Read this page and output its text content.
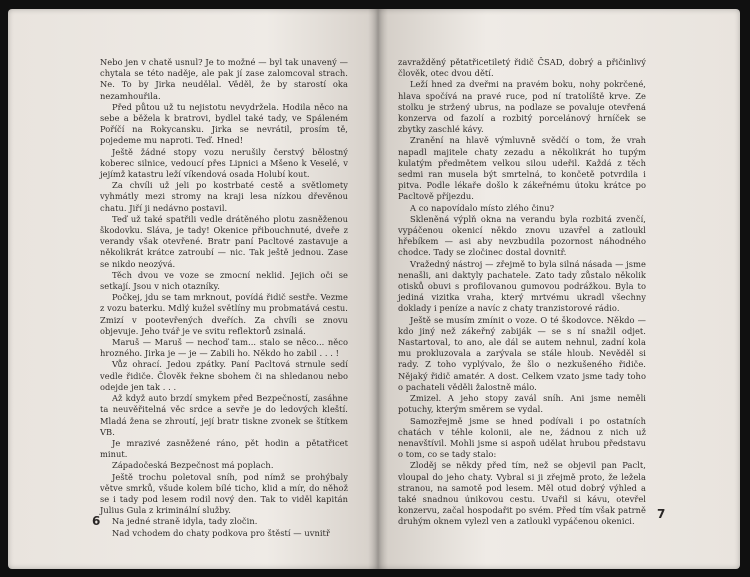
Nebo jen v chatě usnul? Je to možné — byl tak unavený — chytala se této naděje, ale pak jí zase zalomcoval strach. Ne. To by Jirka neudělal. Věděl, že by starostí oka nezamhouřila.

Před půtou už tu nejistotu nevydržela. Hodila něco na sebe a běžela k bratrovi, bydlel také tady, ve Spáleném Poříčí na Rokycansku. Jirka se nevrátil, prosím tě, pojedeme mu naproti. Teď. Hned!

Ještě žádné stopy vozu nerušily čerstvý bělostný koberec silnice, vedoucí přes Lipnici a Mšeno k Veselé, v jejímž katastru leží víkendová osada Holubí kout.

Za chvíli už jeli po kostrbaté cestě a světlomety vyhmátly mezi stromy na kraji lesa nízkou dřevěnou chatu. Jiří ji nedávno postavil.

Teď už také spatřili vedle drátěného plotu zasněženou škodovku. Sláva, je tady! Okenice přibouchnuté, dveře z verandy však otevřené. Bratr paní Pacltové zastavuje a několikrát krátce zatroubí — nic. Tak ještě jednou. Zase se nikdo neozývá.

Těch dvou ve voze se zmocní neklid. Jejich oči se setkají. Jsou v nich otazníky.

Počkej, jdu se tam mrknout, povídá řidič sestře. Vezme z vozu baterku. Mdlý kužel světlíny mu probmatává cestu. Zmizí v pootevřených dveřích. Za chvíli se znovu objevuje. Jeho tvář je ve svitu reflektorů zsinalá.

Maruš — Maruš — nechoď tam... stalo se něco... něco hrozného. Jirka je — je — Zabili ho. Někdo ho zabil . . . !

Vůz ohrací. Jedou zpátky. Paní Pacltová strnule sedí vedle řidiče. Člověk řekne sbohem či na shledanou nebo odejde jen tak . . .

Až když auto brzdí smykem před Bezpečností, zasáhne ta neuvěřitelná věc srdce a sevře je do ledových kleští. Mladá žena se zhroutí, její bratr tiskne zvonek se štítkem VB.

Je mrazivé zasněžené ráno, pět hodin a pětatřicet minut.

Západočeská Bezpečnost má poplach.

Ještě trochu poletoval sníh, pod nímž se prohýbaly větve smrků, všude kolem bílé ticho, klid a mír, do něhož se i tady pod lesem rodil nový den. Tak to viděl kapitán Julius Gula z kriminální služby.

Na jedné straně idyla, tady zločin.

Nad vchodem do chaty podkova pro štěstí — uvnitř

6

zavražděný pětatřicetiletý řidič ČSAD, dobrý a přičinlivý člověk, otec dvou dětí.

Leží hned za dveřmi na pravém boku, nohy pokrčené, hlava spočívá na pravé ruce, pod ní tratolíště krve. Ze stolku je stržený ubrus, na podlaze se povaluje otevřená konzerva od fazolí a rozbitý porcelánový hrníček se zbytky zaschlé kávy.

Zranění na hlavě výmluvně svědčí o tom, že vrah napadl majitele chaty zezadu a několikrát ho tupým kulatým předmětem velkou silou udeřil. Každá z těch sedmi ran musela být smrtelná, to končetě potvrdila i pitva. Podle lékaře došlo k zákeřnému útoku krátce po Pacltově příjezdu.

A co napovídalo místo zlého činu?

Skleněná výplň okna na verandu byla rozbitá zvenčí, vypáčenou okenicí někdo znovu uzavřel a zatloukl hřebíkem — asi aby nevzbudila pozornost náhodného chodce. Tady se zločinec dostal dovnitř.

Vražedný nástroj — zřejmě to byla silná násada — jsme nenašli, ani daktyly pachatele. Zato tady zůstalo několik otisků obuvi s profilovanou gumovou podrážkou. Byla to jediná vizitka vraha, který mrtvému ukradl všechny doklady i peníze a navíc z chaty tranzistorové rádio.

Ještě se musím zmínit o voze. O té škodovce. Někdo — kdo jiný než zákeřný zabiják — se s ní snažil odjet. Nastartoval, to ano, ale dál se autem nehnul, zadní kola mu prokluzovala a zarývala se stále hloub. Nevěděl si rady. Z toho vyplývalo, že šlo o nezkušeného řidiče. Nějaký řidič amatér. A dost. Celkem vzato jsme tady toho o pachateli věděli žalostně málo.

Zmizel. A jeho stopy zavál sníh. Ani jsme neměli potuchy, kterým směrem se vydal.

Samozřejmě jsme se hned podívali i po ostatních chatách v téhle kolonii, ale ne, žádnou z nich už nenavštívil. Mohli jsme si aspoň udělat hrubou představu o tom, co se tady stalo:

Zloděj se někdy před tím, než se objevil pan Paclt, vloupal do jeho chaty. Vybral si ji zřejmě proto, že ležela stranou, na samotě pod lesem. Měl otud dobrý výhled a také snadnou únikovou cestu. Uvařil si kávu, otevřel konzervu, začal hospodařit po svém. Před tím však patrně druhým oknem vylezl ven a zatloukl vypáčenou okenici.

7
